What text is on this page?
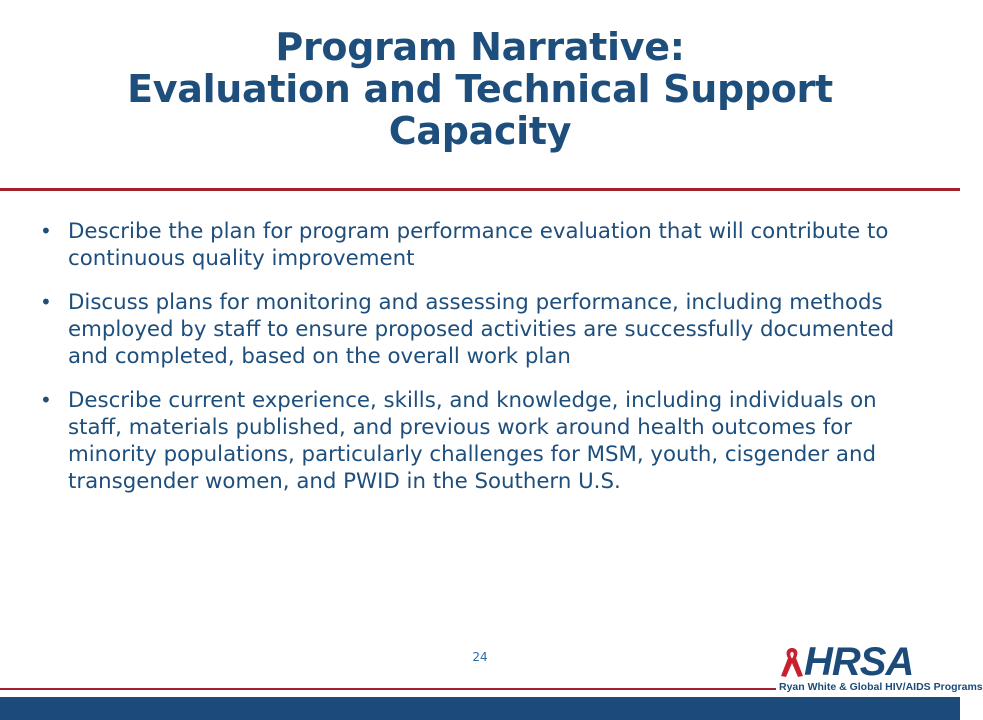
Program Narrative:
Evaluation and Technical Support
Capacity
• Describe the plan for program performance evaluation that will contribute to continuous quality improvement
• Discuss plans for monitoring and assessing performance, including methods employed by staff to ensure proposed activities are successfully documented and completed, based on the overall work plan
• Describe current experience, skills, and knowledge, including individuals on staff, materials published, and previous work around health outcomes for minority populations, particularly challenges for MSM, youth, cisgender and transgender women, and PWID in the Southern U.S.
24	HRSA
Ryan White & Global HIV/AIDS Programs
